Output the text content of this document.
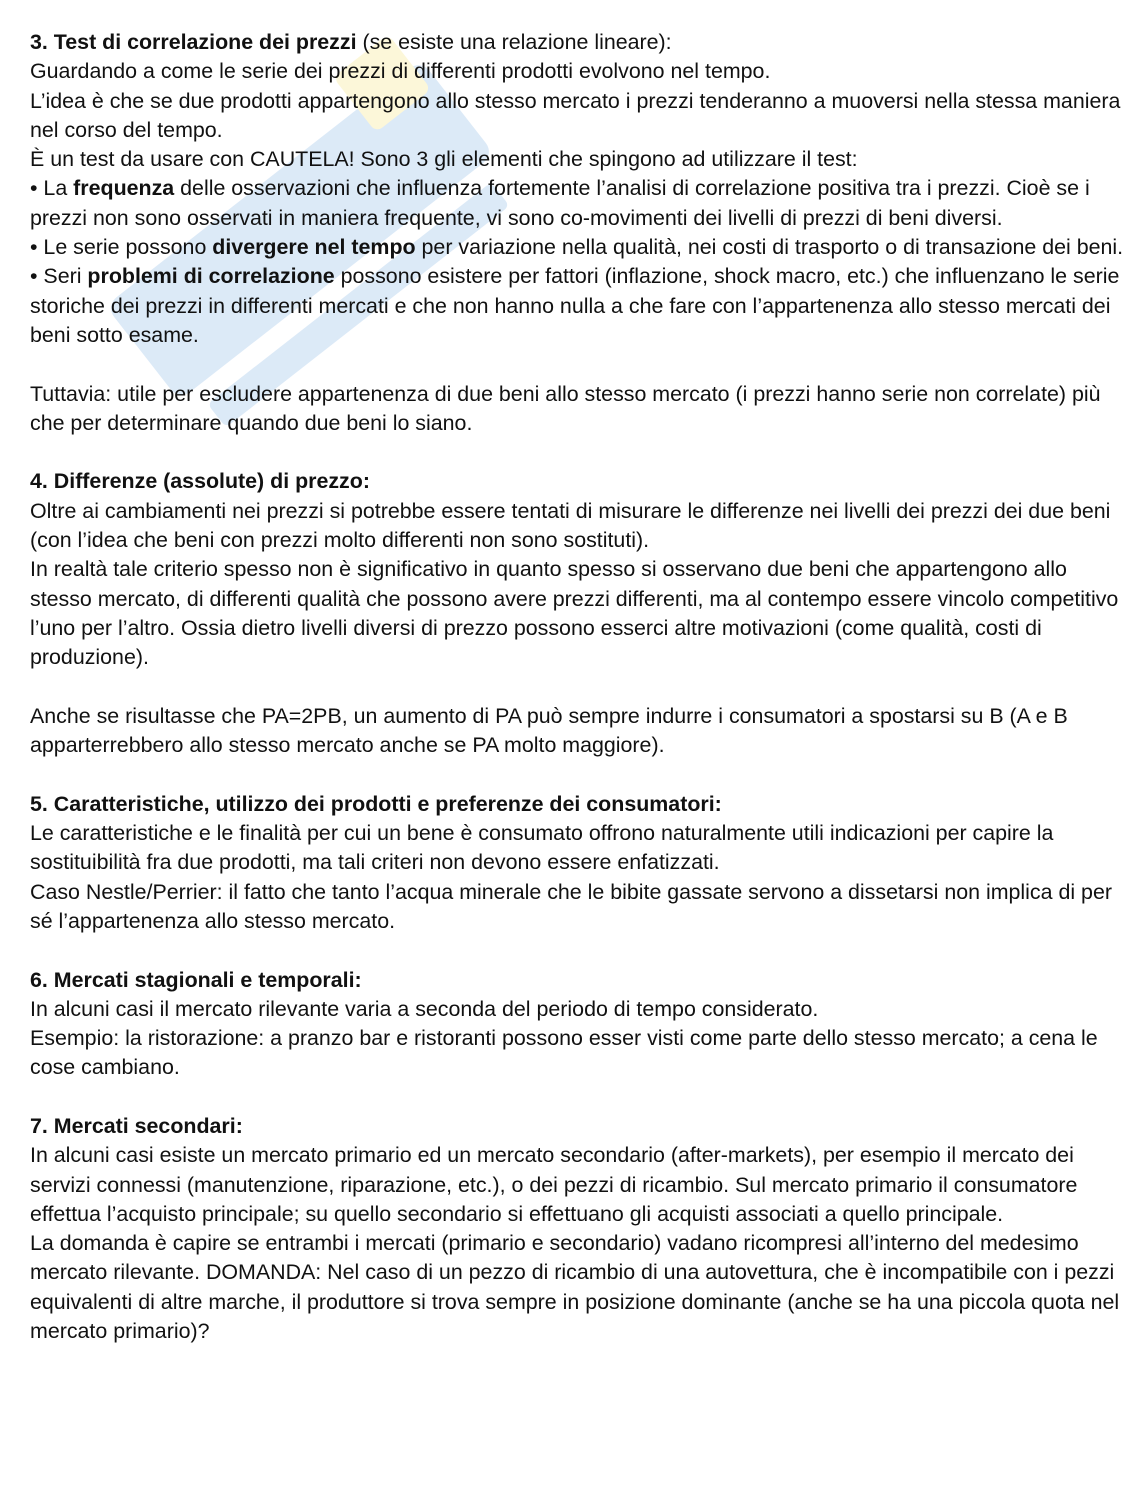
3. Test di correlazione dei prezzi (se esiste una relazione lineare):

Guardando a come le serie dei prezzi di differenti prodotti evolvono nel tempo.

L’idea è che se due prodotti appartengono allo stesso mercato i prezzi tenderanno a muoversi nella stessa maniera nel corso del tempo.

È un test da usare con CAUTELA! Sono 3 gli elementi che spingono ad utilizzare il test:

• La frequenza delle osservazioni che influenza fortemente l’analisi di correlazione positiva tra i prezzi. Cioè se i prezzi non sono osservati in maniera frequente, vi sono co-movimenti dei livelli di prezzi di beni diversi.

• Le serie possono divergere nel tempo per variazione nella qualità, nei costi di trasporto o di transazione dei beni.

• Seri problemi di correlazione possono esistere per fattori (inflazione, shock macro, etc.) che influenzano le serie storiche dei prezzi in differenti mercati e che non hanno nulla a che fare con l’appartenenza allo stesso mercati dei beni sotto esame.

Tuttavia: utile per escludere appartenenza di due beni allo stesso mercato (i prezzi hanno serie non correlate) più che per determinare quando due beni lo siano.

4. Differenze (assolute) di prezzo:

Oltre ai cambiamenti nei prezzi si potrebbe essere tentati di misurare le differenze nei livelli dei prezzi dei due beni (con l’idea che beni con prezzi molto differenti non sono sostituti).

In realtà tale criterio spesso non è significativo in quanto spesso si osservano due beni che appartengono allo stesso mercato, di differenti qualità che possono avere prezzi differenti, ma al contempo essere vincolo competitivo l’uno per l’altro. Ossia dietro livelli diversi di prezzo possono esserci altre motivazioni (come qualità, costi di produzione).

Anche se risultasse che PA=2PB, un aumento di PA può sempre indurre i consumatori a spostarsi su B (A e B apparterrebbero allo stesso mercato anche se PA molto maggiore).

5. Caratteristiche, utilizzo dei prodotti e preferenze dei consumatori:

Le caratteristiche e le finalità per cui un bene è consumato offrono naturalmente utili indicazioni per capire la sostituibilità fra due prodotti, ma tali criteri non devono essere enfatizzati.

Caso Nestle/Perrier: il fatto che tanto l’acqua minerale che le bibite gassate servono a dissetarsi non implica di per sé l’appartenenza allo stesso mercato.

6. Mercati stagionali e temporali:

In alcuni casi il mercato rilevante varia a seconda del periodo di tempo considerato.

Esempio: la ristorazione: a pranzo bar e ristoranti possono esser visti come parte dello stesso mercato; a cena le cose cambiano.

7. Mercati secondari:

In alcuni casi esiste un mercato primario ed un mercato secondario (after-markets), per esempio il mercato dei servizi connessi (manutenzione, riparazione, etc.), o dei pezzi di ricambio. Sul mercato primario il consumatore effettua l’acquisto principale; su quello secondario si effettuano gli acquisti associati a quello principale.

La domanda è capire se entrambi i mercati (primario e secondario) vadano ricompresi all’interno del medesimo mercato rilevante. DOMANDA: Nel caso di un pezzo di ricambio di una autovettura, che è incompatibile con i pezzi equivalenti di altre marche, il produttore si trova sempre in posizione dominante (anche se ha una piccola quota nel mercato primario)?
